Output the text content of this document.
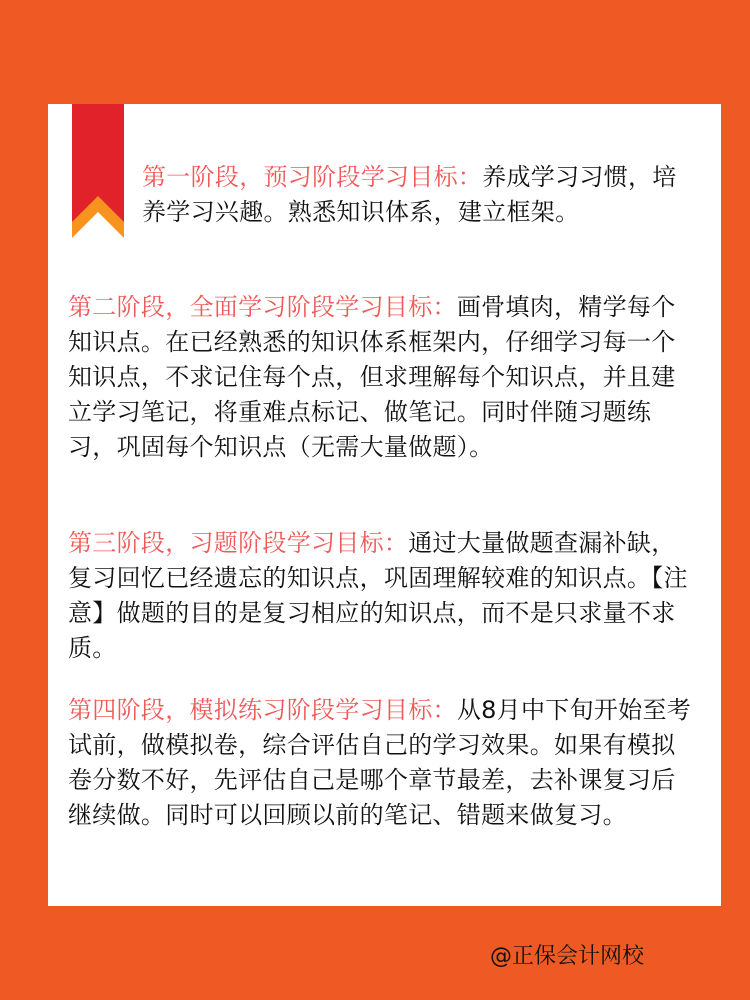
第一阶段，预习阶段学习目标：养成学习习惯，培养学习兴趣。熟悉知识体系，建立框架。
第二阶段，全面学习阶段学习目标：画骨填肉，精学每个知识点。在已经熟悉的知识体系框架内，仔细学习每一个知识点，不求记住每个点，但求理解每个知识点，并且建立学习笔记，将重难点标记、做笔记。同时伴随习题练习，巩固每个知识点（无需大量做题）。
第三阶段，习题阶段学习目标：通过大量做题查漏补缺，复习回忆已经遗忘的知识点，巩固理解较难的知识点。【注意】做题的目的是复习相应的知识点，而不是只求量不求质。
第四阶段，模拟练习阶段学习目标：从8月中下旬开始至考试前，做模拟卷，综合评估自己的学习效果。如果有模拟卷分数不好，先评估自己是哪个章节最差，去补课复习后继续做。同时可以回顾以前的笔记、错题来做复习。
@正保会计网校
